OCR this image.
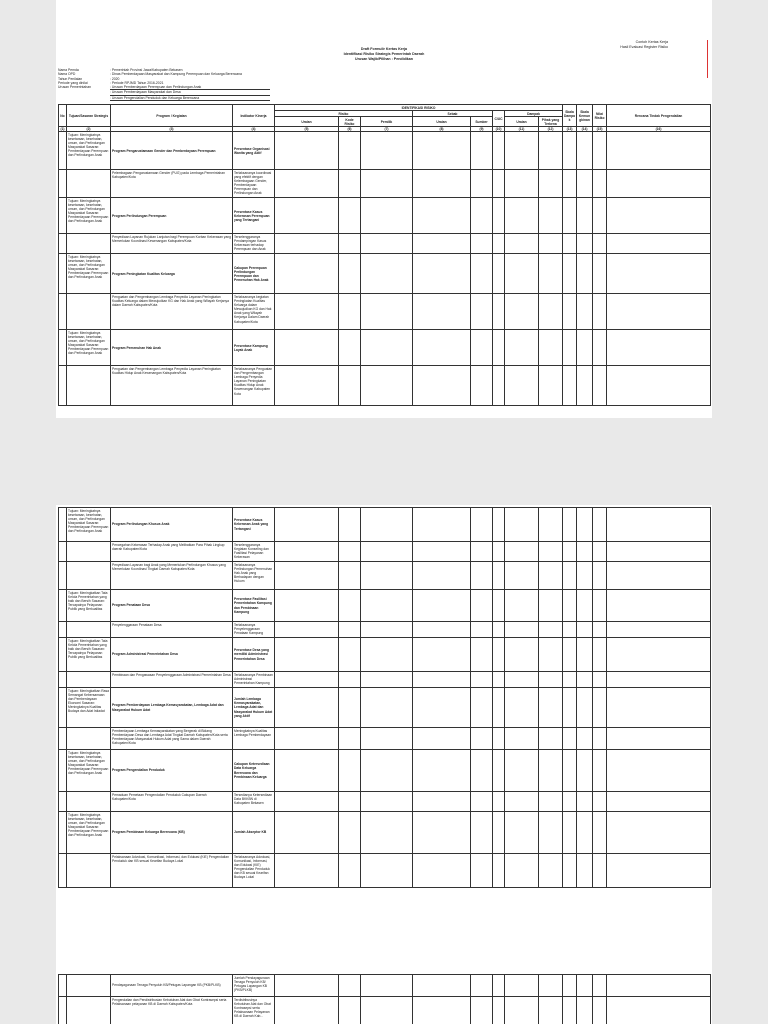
Contoh Kertas Kerja
Hasil Evaluasi Register Risiko
Draft Formulir Kertas Kerja
Identifikasi Risiko Strategis Pemerintah Daerah
Urusan Wajib/Pilihan : Pendidikan
Nama Pemda	: Pemerintah Provinsi Jawa/Kabupaten Bekasen
Nama OPD	: Dinas Pemberdayaan Masyarakat dan Kampung Perempuan dan Keluarga Berencana
Tahun Penilaian	: 2020
Periode yang dinilai	: Periode RPJMD Tahun 2016-2021
Urusan Pemerintahan	: Urusan Pemberdayaan Perempuan dan Perlindungan Anak
: Urusan Pemberdayaan Masyarakat dan Desa
: Urusan Pengendalian Penduduk dan Keluarga Berencana
No	Tujuan/Sasaran Strategis	Program / Kegiatan	Indikator Kinerja	IDENTIFIKASI RISIKO								Skala Dampak	Skala Kemungkinan	Nilai Risiko	Rencana Tindak Pengendalian
				Risiko			Sebab		C/UC	Dampak					
				Uraian	Kode Risiko	Pemilik	Uraian	Sumber		Uraian	Pihak yang Terkena				
(1)	(2)	(3)	(4)	(5)	(6)	(7)	(8)	(9)	(10)	(11)	(12)	(13)	(14)	(15)	(16)
	Tujuan: Meningkatnya kesetaraan, kesehatan, umum, dan Perlindungan Masyarakat Sasaran: Pemberdayaan Perempuan dan Perlindungan Anak	Program Pengarustamaan Gender dan Pemberdayaan Perempuan	Persentase Organisasi Wanita yang Aktif												
		Pelembagaan Pengarustamaan Gender (PUG) pada Lembaga Pemerintahan Kabupaten/Kota	Terlaksananya koordinasi yang efektif dengan Kelembagaan Gender, Pemberdayaan Perempuan dan Perlindungan Anak												
	Tujuan: Meningkatnya kesetaraan, kesehatan, umum, dan Perlindungan Masyarakat Sasaran: Pemberdayaan Perempuan dan Perlindungan Anak	Program Perlindungan Perempuan	Persentase Kasus Kekerasan Perempuan yang Tertangani												
		Penyediaan Layanan Rujukan Lanjutan bagi Perempuan Korban Kekerasan yang Memerlukan Koordinasi Kewenangan Kabupaten/Kota	Terselenggaranya Pendampingan Kasus Kekerasan terhadap Perempuan dan Anak												
	Tujuan: Meningkatnya kesetaraan, kesehatan, umum, dan Perlindungan Masyarakat Sasaran: Pemberdayaan Perempuan dan Perlindungan Anak	Program Peningkatan Kualitas Keluarga	Cakupan Perempuan Perlindungan Perempuan dan Pemenuhan Hak Anak												
		Penguatan dan Pengembangan Lembaga Penyedia Layanan Peningkatan Kualitas Keluarga dalam Mewujudkan KG dan Hak Anak yang Wilayah Kerjanya dalam Daerah Kabupaten/Kota	Terlaksananya kegiatan Peningkatan Kualitas Keluarga dalam Mewujudkan KG dan Hak Anak yang Wilayah Kerjanya Dalam Daerah Kabupaten/Kota												
	Tujuan: Meningkatnya kesetaraan, kesehatan, umum, dan Perlindungan Masyarakat Sasaran: Pemberdayaan Perempuan dan Perlindungan Anak	Program Pemenuhan Hak Anak	Persentase Kampung Layak Anak												
		Penguatan dan Pengembangan Lembaga Penyedia Layanan Peningkatan Kualitas Hidup Anak Kewenangan Kabupaten/Kota	Terlaksananya Penguatan dan Pengembangan Lembaga Penyedia Layanan Peningkatan Kualitas Hidup Anak Kewenangan Kabupaten Kota												
	Tujuan: Meningkatnya kesetaraan, kesehatan, umum, dan Perlindungan Masyarakat Sasaran: Pemberdayaan Perempuan dan Perlindungan Anak	Program Perlindungan Khusus Anak	Persentase Kasus Kekerasan Anak yang Tertangani												
		Pencegahan Kekerasan Terhadap Anak yang Melibatkan Para Pihak Lingkup daerah Kabupaten/Kota	Terselenggaranya Kegiatan Konseling dan Fasilitasi Pelayanan Kekerasan												
		Penyediaan Layanan bagi Anak yang Memerlukan Perlindungan Khusus yang Memerlukan Koordinasi Tingkat Daerah Kabupaten/Kota	Terlaksananya Perlindungan Pemenuhan Hak Anak yang Berhadapan dengan Hukum												
	Tujuan: Meningkatkan Tata Kelola Pemerintahan yang baik dan Bersih Sasaran: Tercapainya Pelayanan Publik yang Berkualitas	Program Penataan Desa	Persentase Fasilitasi Pemerintahan Kampung dan Pembinaan Kampung												
		Penyelenggaraan Penataan Desa	Terlaksananya Penyelenggaraan Penataan Kampung												
	Tujuan: Meningkatkan Tata Kelola Pemerintahan yang baik dan Bersih Sasaran: Tercapainya Pelayanan Publik yang Berkualitas	Program Administrasi Pemerintahan Desa	Persentase Desa yang memiliki Administrasi Pemerintahan Desa												
		Pembinaan dan Pengawasan Penyelenggaraan Administrasi Pemerintahan Desa	Terlaksananya Pembinaan Administrasi Pemerintahan Kampung												
	Tujuan: Meningkatkan Rasa Semangat Kebersamaan dan Pemberdayaan Ekonomi Sasaran: Meningkatnya Kualitas Budaya dan Adat Istiadat	Program Pemberdayaan Lembaga Kemasyarakatan, Lembaga Adat dan Masyarakat Hukum Adat	Jumlah Lembaga Kemasyarakatan, Lembaga Adat dan Masyarakat Hukum Adat yang Aktif												
		Pemberdayaan Lembaga Kemasyarakatan yang Bergerak di Bidang Pemberdayaan Desa dan Lembaga Adat Tingkat Daerah Kabupaten/Kota serta Pemberdayaan Masyarakat Hukum Adat yang Sama dalam Daerah Kabupaten/Kota	Meningkatnya Kualitas Lembaga Pemberdayaan												
	Tujuan: Meningkatnya kesetaraan, kesehatan, umum, dan Perlindungan Masyarakat Sasaran: Pemberdayaan Perempuan dan Perlindungan Anak	Program Pengendalian Penduduk	Cakupan Ketersediaan Data Keluarga Berencana dan Pembinaan Keluarga												
		Pemaduan Pemetaan Pengendalian Penduduk Cakupan Daerah Kabupaten/Kota	Tersedianya Ketersediaan Data BKKBN di Kabupaten Bekasen												
	Tujuan: Meningkatnya kesetaraan, kesehatan, umum, dan Perlindungan Masyarakat Sasaran: Pemberdayaan Perempuan dan Perlindungan Anak	Program Pembinaan Keluarga Berencana (KB)	Jumlah Akseptor KB												
		Pelaksanaan Advokasi, Komunikasi, Informasi, dan Edukasi (KIE) Pengendalian Penduduk dan KB sesuai Kearifan Budaya Lokal	Terlaksananya Advokasi, Komunikasi, Informasi, dan Edukasi (KIE) Pengendalian Penduduk dan KB sesuai Kearifan Budaya Lokal												
		Pendayagunaan Tenaga Penyuluh KB/Petugas Lapangan KB (PKB/PLKB)	Jumlah Pendayagunaan Tenaga Penyuluh KB/ Petugas Lapangan KB (PKB/PLKB)												
		Pengendalian dan Pendistribusian Kebutuhan Alat dan Obat Kontrasepsi serta Pelaksanaan pelayanan KB di Daerah Kabupaten/Kota	Terdistribusinya Kebutuhan Alat dan Obat Kontrasepsi serta Pelaksanaan Pelayanan KB di Daerah Kab...												
